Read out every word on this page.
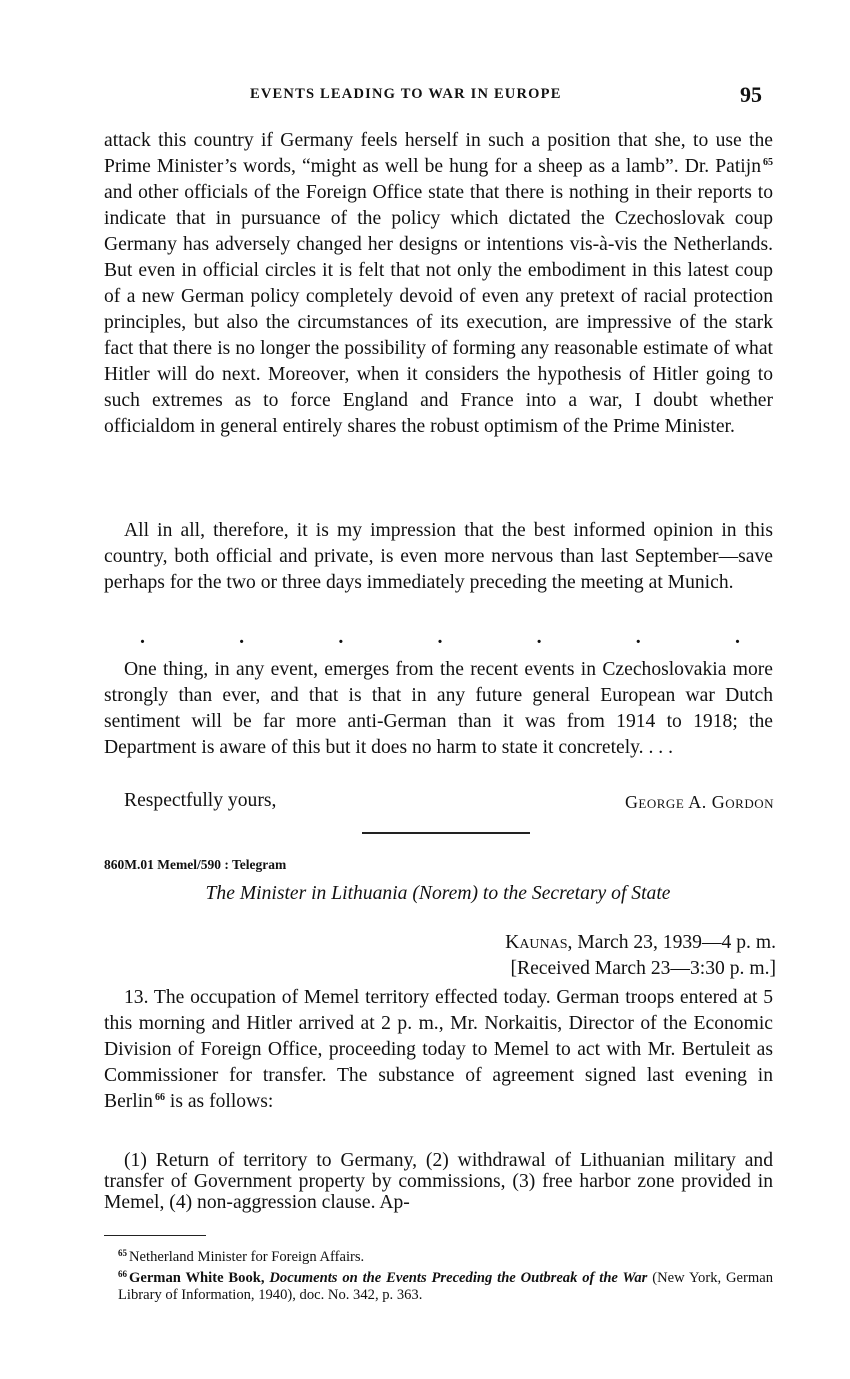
EVENTS LEADING TO WAR IN EUROPE	95

attack this country if Germany feels herself in such a position that she, to use the Prime Minister’s words, “might as well be hung for a sheep as a lamb”. Dr. Patijn $^{65}$ and other officials of the Foreign Office state that there is nothing in their reports to indicate that in pursuance of the policy which dictated the Czechoslovak coup Germany has adversely changed her designs or intentions vis-à-vis the Netherlands. But even in official circles it is felt that not only the embodiment in this latest coup of a new German policy completely devoid of even any pretext of racial protection principles, but also the circumstances of its execution, are impressive of the stark fact that there is no longer the possibility of forming any reasonable estimate of what Hitler will do next. Moreover, when it considers the hypothesis of Hitler going to such extremes as to force England and France into a war, I doubt whether officialdom in general entirely shares the robust optimism of the Prime Minister.

All in all, therefore, it is my impression that the best informed opinion in this country, both official and private, is even more nervous than last September—save perhaps for the two or three days immediately preceding the meeting at Munich.

.	.	.	.	.	.	.

One thing, in any event, emerges from the recent events in Czechoslovakia more strongly than ever, and that is that in any future general European war Dutch sentiment will be far more anti-German than it was from 1914 to 1918; the Department is aware of this but it does no harm to state it concretely. . . .

Respectfully yours,	George A. Gordon
860M.01 Memel/590 : Telegram
The Minister in Lithuania (Norem) to the Secretary of State
Kaunas, March 23, 1939—4 p. m.
[Received March 23—3:30 p. m.]

13. The occupation of Memel territory effected today. German troops entered at 5 this morning and Hitler arrived at 2 p. m., Mr. Norkaitis, Director of the Economic Division of Foreign Office, proceeding today to Memel to act with Mr. Bertuleit as Commissioner for transfer. The substance of agreement signed last evening in Berlin $^{66}$ is as follows:

(1) Return of territory to Germany, (2) withdrawal of Lithuanian military and transfer of Government property by commissions, (3) free harbor zone provided in Memel, (4) non-aggression clause. Ap-

$^{65}$ Netherland Minister for Foreign Affairs.
$^{66}$ German White Book, Documents on the Events Preceding the Outbreak of the War (New York, German Library of Information, 1940), doc. No. 342, p. 363.
